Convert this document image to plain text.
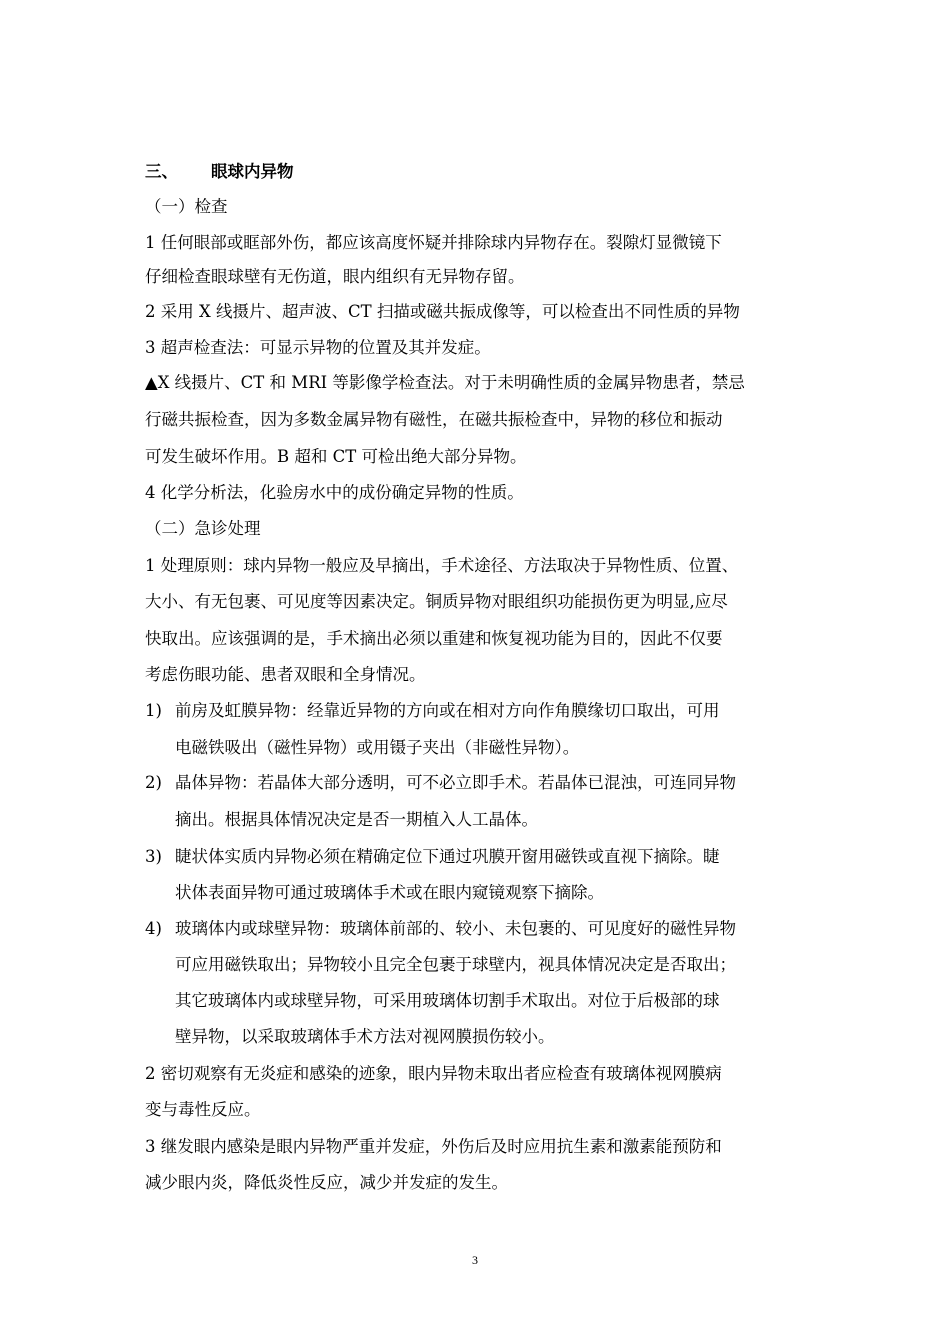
三、 眼球内异物
（一）检查
1 任何眼部或眶部外伤，都应该高度怀疑并排除球内异物存在。裂隙灯显微镜下
仔细检查眼球壁有无伤道，眼内组织有无异物存留。
2 采用 X 线摄片、超声波、CT 扫描或磁共振成像等，可以检查出不同性质的异物
3 超声检查法：可显示异物的位置及其并发症。
▲X 线摄片、CT 和 MRI 等影像学检查法。对于未明确性质的金属异物患者，禁忌
行磁共振检查，因为多数金属异物有磁性，在磁共振检查中，异物的移位和振动
可发生破坏作用。B 超和 CT 可检出绝大部分异物。
4 化学分析法，化验房水中的成份确定异物的性质。
（二）急诊处理
1 处理原则：球内异物一般应及早摘出，手术途径、方法取决于异物性质、位置、
大小、有无包裹、可见度等因素决定。铜质异物对眼组织功能损伤更为明显,应尽
快取出。应该强调的是，手术摘出必须以重建和恢复视功能为目的，因此不仅要
考虑伤眼功能、患者双眼和全身情况。
1) 前房及虹膜异物：经靠近异物的方向或在相对方向作角膜缘切口取出，可用
电磁铁吸出（磁性异物）或用镊子夹出（非磁性异物）。
2) 晶体异物：若晶体大部分透明，可不必立即手术。若晶体已混浊，可连同异物
摘出。根据具体情况决定是否一期植入人工晶体。
3) 睫状体实质内异物必须在精确定位下通过巩膜开窗用磁铁或直视下摘除。睫
状体表面异物可通过玻璃体手术或在眼内窥镜观察下摘除。
4) 玻璃体内或球壁异物：玻璃体前部的、较小、未包裹的、可见度好的磁性异物
可应用磁铁取出；异物较小且完全包裹于球壁内，视具体情况决定是否取出；
其它玻璃体内或球壁异物，可采用玻璃体切割手术取出。对位于后极部的球
壁异物，以采取玻璃体手术方法对视网膜损伤较小。
2 密切观察有无炎症和感染的迹象，眼内异物未取出者应检查有玻璃体视网膜病
变与毒性反应。
3 继发眼内感染是眼内异物严重并发症，外伤后及时应用抗生素和激素能预防和
减少眼内炎，降低炎性反应，减少并发症的发生。
3
